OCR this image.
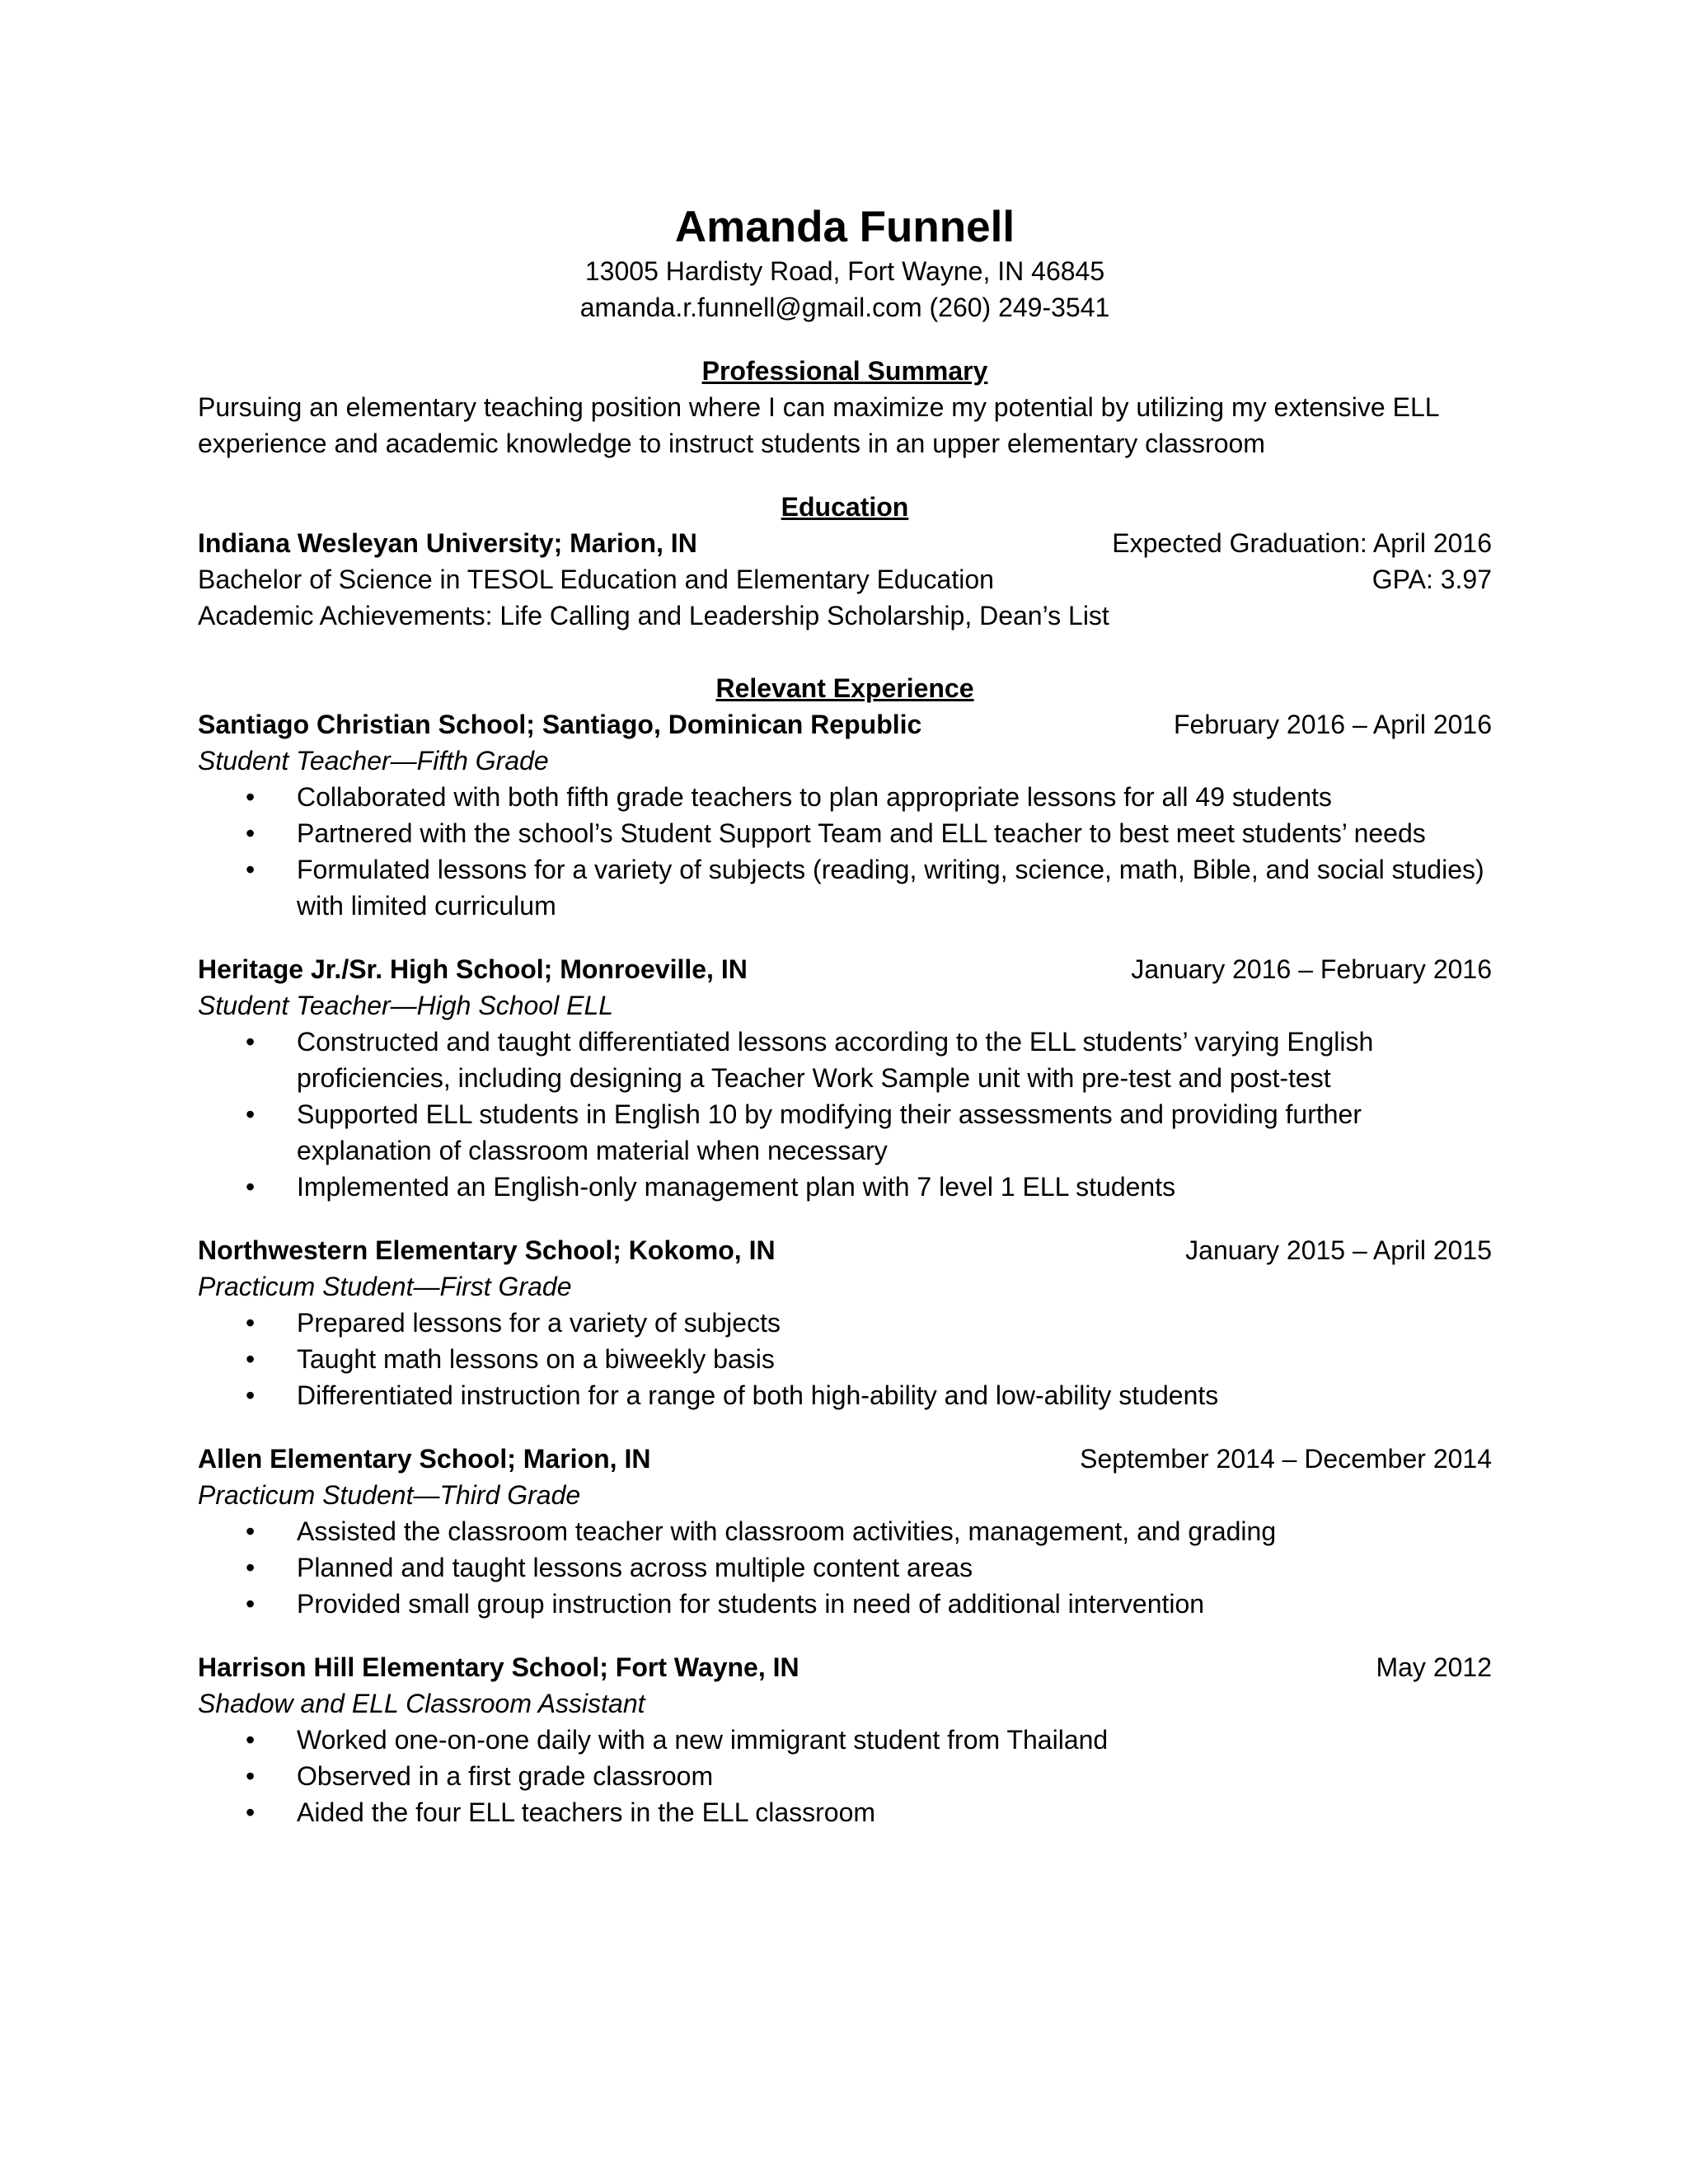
Amanda Funnell

13005 Hardisty Road, Fort Wayne, IN 46845

amanda.r.funnell@gmail.com (260) 249-3541

Professional Summary

Pursuing an elementary teaching position where I can maximize my potential by utilizing my extensive ELL

experience and academic knowledge to instruct students in an upper elementary classroom

Education
Indiana Wesleyan University; Marion, IN	Expected Graduation: April 2016
Bachelor of Science in TESOL Education and Elementary Education	GPA: 3.97

Academic Achievements: Life Calling and Leadership Scholarship, Dean’s List

Relevant Experience
Santiago Christian School; Santiago, Dominican Republic	February 2016 – April 2016

Student Teacher—Fifth Grade

• Collaborated with both fifth grade teachers to plan appropriate lessons for all 49 students
• Partnered with the school’s Student Support Team and ELL teacher to best meet students’ needs
• Formulated lessons for a variety of subjects (reading, writing, science, math, Bible, and social studies) with limited curriculum
Heritage Jr./Sr. High School; Monroeville, IN	January 2016 – February 2016

Student Teacher—High School ELL

• Constructed and taught differentiated lessons according to the ELL students’ varying English proficiencies, including designing a Teacher Work Sample unit with pre-test and post-test
• Supported ELL students in English 10 by modifying their assessments and providing further explanation of classroom material when necessary
• Implemented an English-only management plan with 7 level 1 ELL students
Northwestern Elementary School; Kokomo, IN	January 2015 – April 2015

Practicum Student—First Grade

• Prepared lessons for a variety of subjects
• Taught math lessons on a biweekly basis
• Differentiated instruction for a range of both high-ability and low-ability students
Allen Elementary School; Marion, IN	September 2014 – December 2014

Practicum Student—Third Grade

• Assisted the classroom teacher with classroom activities, management, and grading
• Planned and taught lessons across multiple content areas
• Provided small group instruction for students in need of additional intervention
Harrison Hill Elementary School; Fort Wayne, IN	May 2012

Shadow and ELL Classroom Assistant

• Worked one-on-one daily with a new immigrant student from Thailand
• Observed in a first grade classroom
• Aided the four ELL teachers in the ELL classroom
